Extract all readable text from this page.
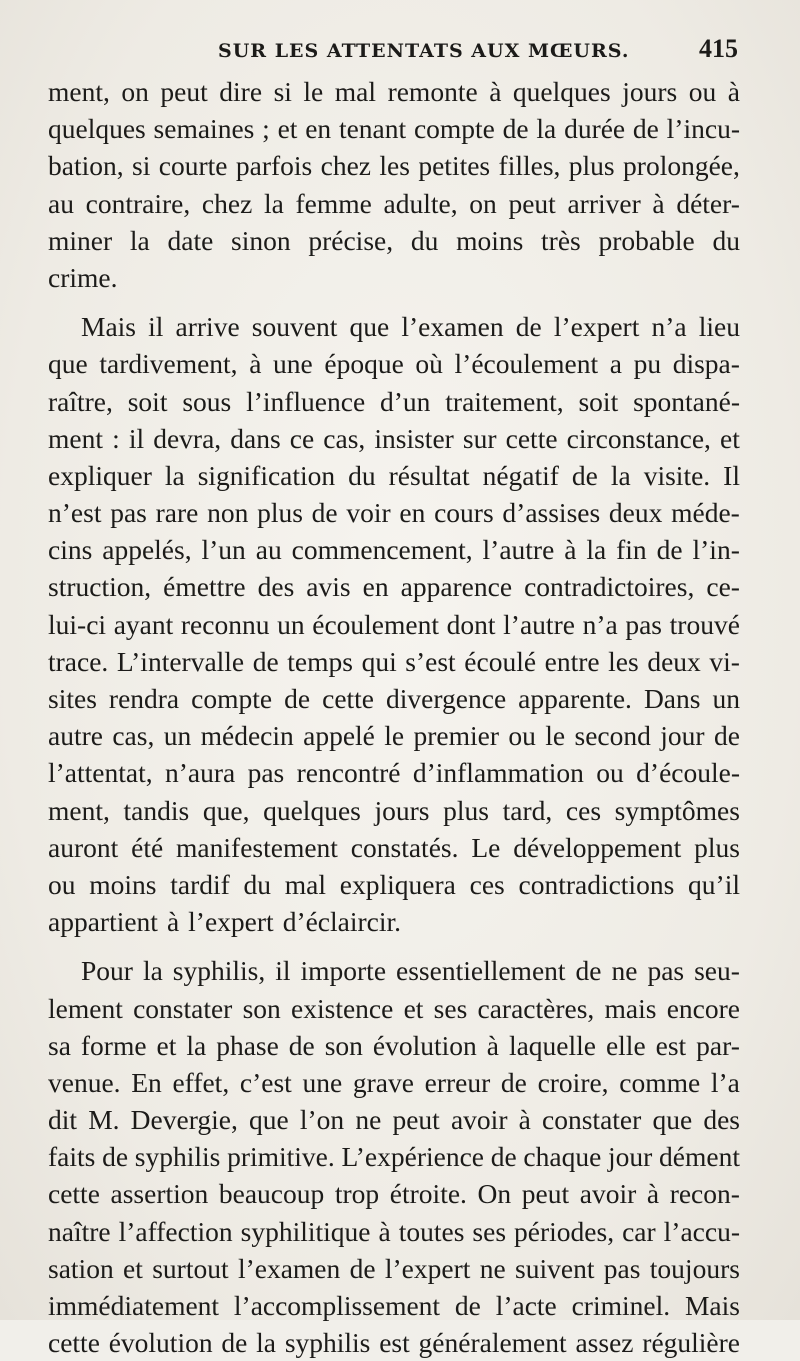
SUR LES ATTENTATS AUX MŒURS.	415
ment, on peut dire si le mal remonte à quelques jours ou à
quelques semaines ; et en tenant compte de la durée de l’incu-
bation, si courte parfois chez les petites filles, plus prolongée,
au contraire, chez la femme adulte, on peut arriver à déter-
miner la date sinon précise, du moins très probable du
crime.
Mais il arrive souvent que l’examen de l’expert n’a lieu
que tardivement, à une époque où l’écoulement a pu dispa-
raître, soit sous l’influence d’un traitement, soit spontané-
ment : il devra, dans ce cas, insister sur cette circonstance, et
expliquer la signification du résultat négatif de la visite. Il
n’est pas rare non plus de voir en cours d’assises deux méde-
cins appelés, l’un au commencement, l’autre à la fin de l’in-
struction, émettre des avis en apparence contradictoires, ce-
lui-ci ayant reconnu un écoulement dont l’autre n’a pas trouvé
trace. L’intervalle de temps qui s’est écoulé entre les deux vi-
sites rendra compte de cette divergence apparente. Dans un
autre cas, un médecin appelé le premier ou le second jour de
l’attentat, n’aura pas rencontré d’inflammation ou d’écoule-
ment, tandis que, quelques jours plus tard, ces symptômes
auront été manifestement constatés. Le développement plus
ou moins tardif du mal expliquera ces contradictions qu’il
appartient à l’expert d’éclaircir.
Pour la syphilis, il importe essentiellement de ne pas seu-
lement constater son existence et ses caractères, mais encore
sa forme et la phase de son évolution à laquelle elle est par-
venue. En effet, c’est une grave erreur de croire, comme l’a
dit M. Devergie, que l’on ne peut avoir à constater que des
faits de syphilis primitive. L’expérience de chaque jour dément
cette assertion beaucoup trop étroite. On peut avoir à recon-
naître l’affection syphilitique à toutes ses périodes, car l’accu-
sation et surtout l’examen de l’expert ne suivent pas toujours
immédiatement l’accomplissement de l’acte criminel. Mais
cette évolution de la syphilis est généralement assez régulière
